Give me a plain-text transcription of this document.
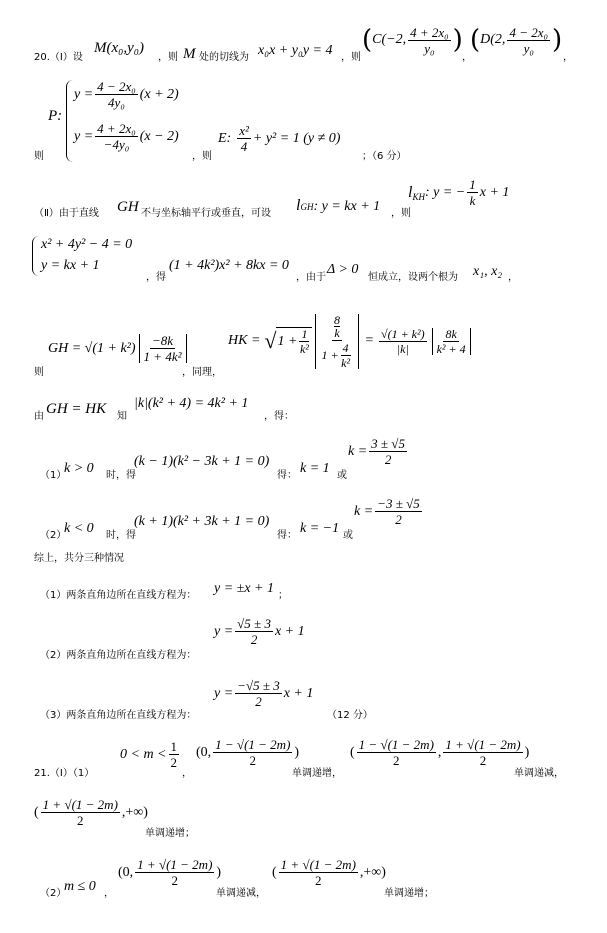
20.（Ⅰ）设
M(x₀,y₀)
，则 M 处的切线为 x₀x + y₀y = 4 ，则
( C(−2, $\frac{\text{4 + 2x₀}}{\text{y₀}}$ )
，
( D(2, $\frac{\text{4 − 2x₀}}{\text{y₀}}$ )
，
P:
$y = \frac{\text{4 − 2x₀}}{\text{4y₀}} (x + 2)$
$y = \frac{\text{4 + 2x₀}}{\text{−4y₀}} (x - 2)$
则	，则
E: $\frac{\text{x²}}{4} + y^2 = 1$ (y ≠ 0)
；（6 分）
（Ⅱ）由于直线 GH 不与坐标轴平行或垂直，可设 l GH : y = kx + 1 ，则
$l_{KH}$ : y = − $\frac{1}{k}$ x + 1
x² + 4y² − 4 = 0
y = kx + 1
，得
(1 + 4k²)x² + 8kx = 0
，由于
Δ > 0
恒成立，设两个根为 x₁, x₂ ，
GH = $√(1 + k^2) \frac{-8k}{\text{1 + 4k²}}$
则	，同理，
HK = √ $1 + \frac{1}{\text{k²}} 8$
k
$1 + \frac{4}{\text{k²}} = \frac{\text{√(1 + k²)}}{|k|} \frac{8k}{\text{k² + 4}}$
由 GH = HK 知
|k|(k² + 4) = 4k² + 1
，得：
（1）
k > 0 时，得
(k − 1)(k² − 3k + 1 = 0)
得： k = 1 或
$k = \frac{3 \pm √5}{2}$
（2）
k < 0 时，得
(k + 1)(k² + 3k + 1 = 0)
得： k = −1 或
$k = \frac{-3 \pm √5}{2}$
综上，共分三种情况
（1）两条直角边所在直线方程为： y = ±x + 1 ；
（2）两条直角边所在直线方程为：
$y = \frac{√5 \pm 3}{2}$ x + 1
（3）两条直角边所在直线方程为：
$y = \frac{-√5 \pm 3}{2}$ x + 1
（12 分）
21.（Ⅰ）（1）
$0 < m < \frac{1}{2}$
，
(0, $\frac{1 - √(1 - 2m)}{2}$ )
单调递增，
( $\frac{1 - √(1 - 2m)}{2}$ , $\frac{1 + √(1 - 2m)}{2}$ )
单调递减，
( $\frac{1 + √(1 - 2m)}{2}$ ,+∞)
单调递增；
（2）
m ≤ 0 ，
(0, $\frac{1 + √(1 - 2m)}{2}$ )
单调递减，
( $\frac{1 + √(1 - 2m)}{2}$ ,+∞)
单调递增；
